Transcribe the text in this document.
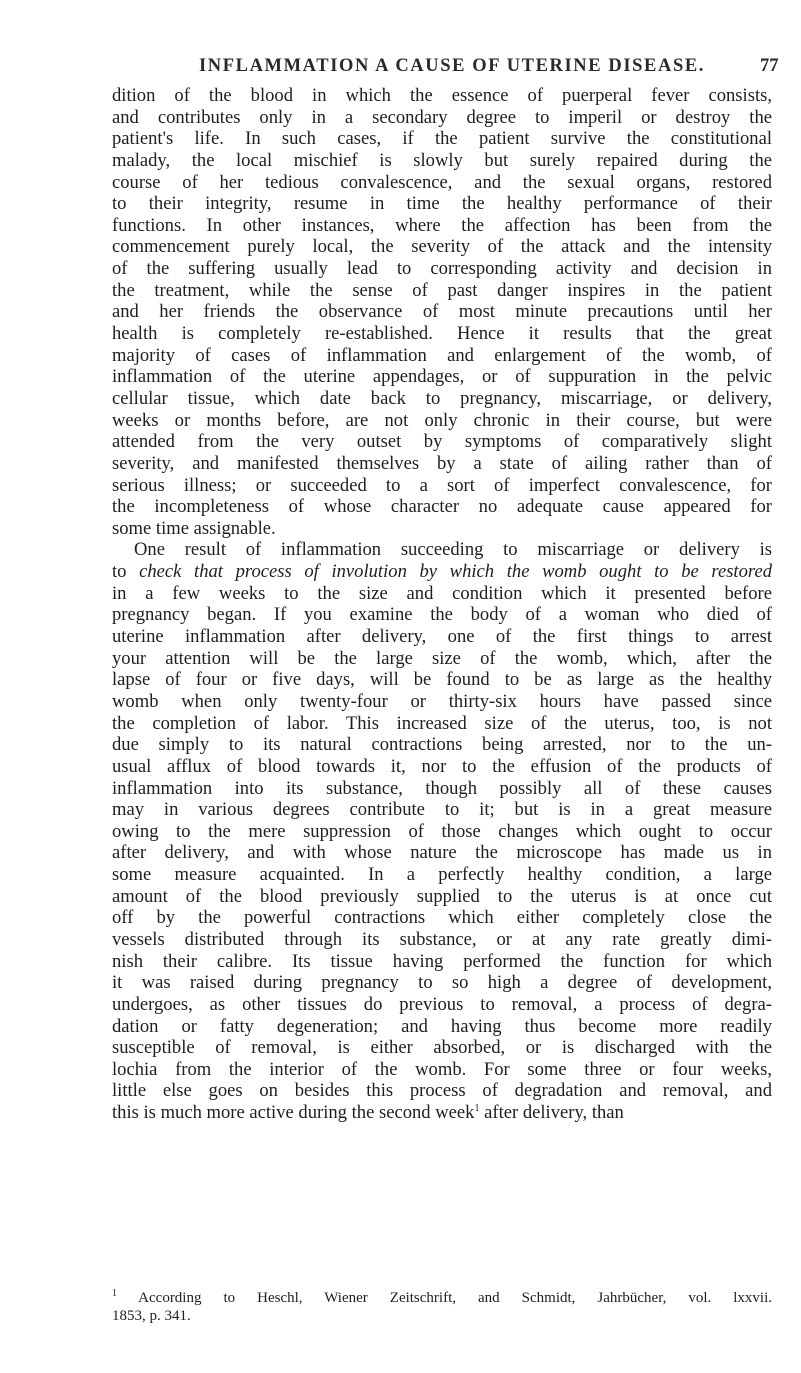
INFLAMMATION A CAUSE OF UTERINE DISEASE.	77
dition of the blood in which the essence of puerperal fever consists,
and contributes only in a secondary degree to imperil or destroy the
patient's life. In such cases, if the patient survive the constitutional
malady, the local mischief is slowly but surely repaired during the
course of her tedious convalescence, and the sexual organs, restored
to their integrity, resume in time the healthy performance of their
functions. In other instances, where the affection has been from the
commencement purely local, the severity of the attack and the intensity
of the suffering usually lead to corresponding activity and decision in
the treatment, while the sense of past danger inspires in the patient
and her friends the observance of most minute precautions until her
health is completely re-established. Hence it results that the great
majority of cases of inflammation and enlargement of the womb, of
inflammation of the uterine appendages, or of suppuration in the pelvic
cellular tissue, which date back to pregnancy, miscarriage, or delivery,
weeks or months before, are not only chronic in their course, but were
attended from the very outset by symptoms of comparatively slight
severity, and manifested themselves by a state of ailing rather than of
serious illness; or succeeded to a sort of imperfect convalescence, for
the incompleteness of whose character no adequate cause appeared for
some time assignable.
One result of inflammation succeeding to miscarriage or delivery is
to check that process of involution by which the womb ought to be restored
in a few weeks to the size and condition which it presented before
pregnancy began. If you examine the body of a woman who died of
uterine inflammation after delivery, one of the first things to arrest
your attention will be the large size of the womb, which, after the
lapse of four or five days, will be found to be as large as the healthy
womb when only twenty-four or thirty-six hours have passed since
the completion of labor. This increased size of the uterus, too, is not
due simply to its natural contractions being arrested, nor to the un-
usual afflux of blood towards it, nor to the effusion of the products of
inflammation into its substance, though possibly all of these causes
may in various degrees contribute to it; but is in a great measure
owing to the mere suppression of those changes which ought to occur
after delivery, and with whose nature the microscope has made us in
some measure acquainted. In a perfectly healthy condition, a large
amount of the blood previously supplied to the uterus is at once cut
off by the powerful contractions which either completely close the
vessels distributed through its substance, or at any rate greatly dimi-
nish their calibre. Its tissue having performed the function for which
it was raised during pregnancy to so high a degree of development,
undergoes, as other tissues do previous to removal, a process of degra-
dation or fatty degeneration; and having thus become more readily
susceptible of removal, is either absorbed, or is discharged with the
lochia from the interior of the womb. For some three or four weeks,
little else goes on besides this process of degradation and removal, and
this is much more active during the second week$^1$ after delivery, than
$^1$ According to Heschl, Wiener Zeitschrift, and Schmidt, Jahrbücher, vol. lxxvii.
1853, p. 341.
